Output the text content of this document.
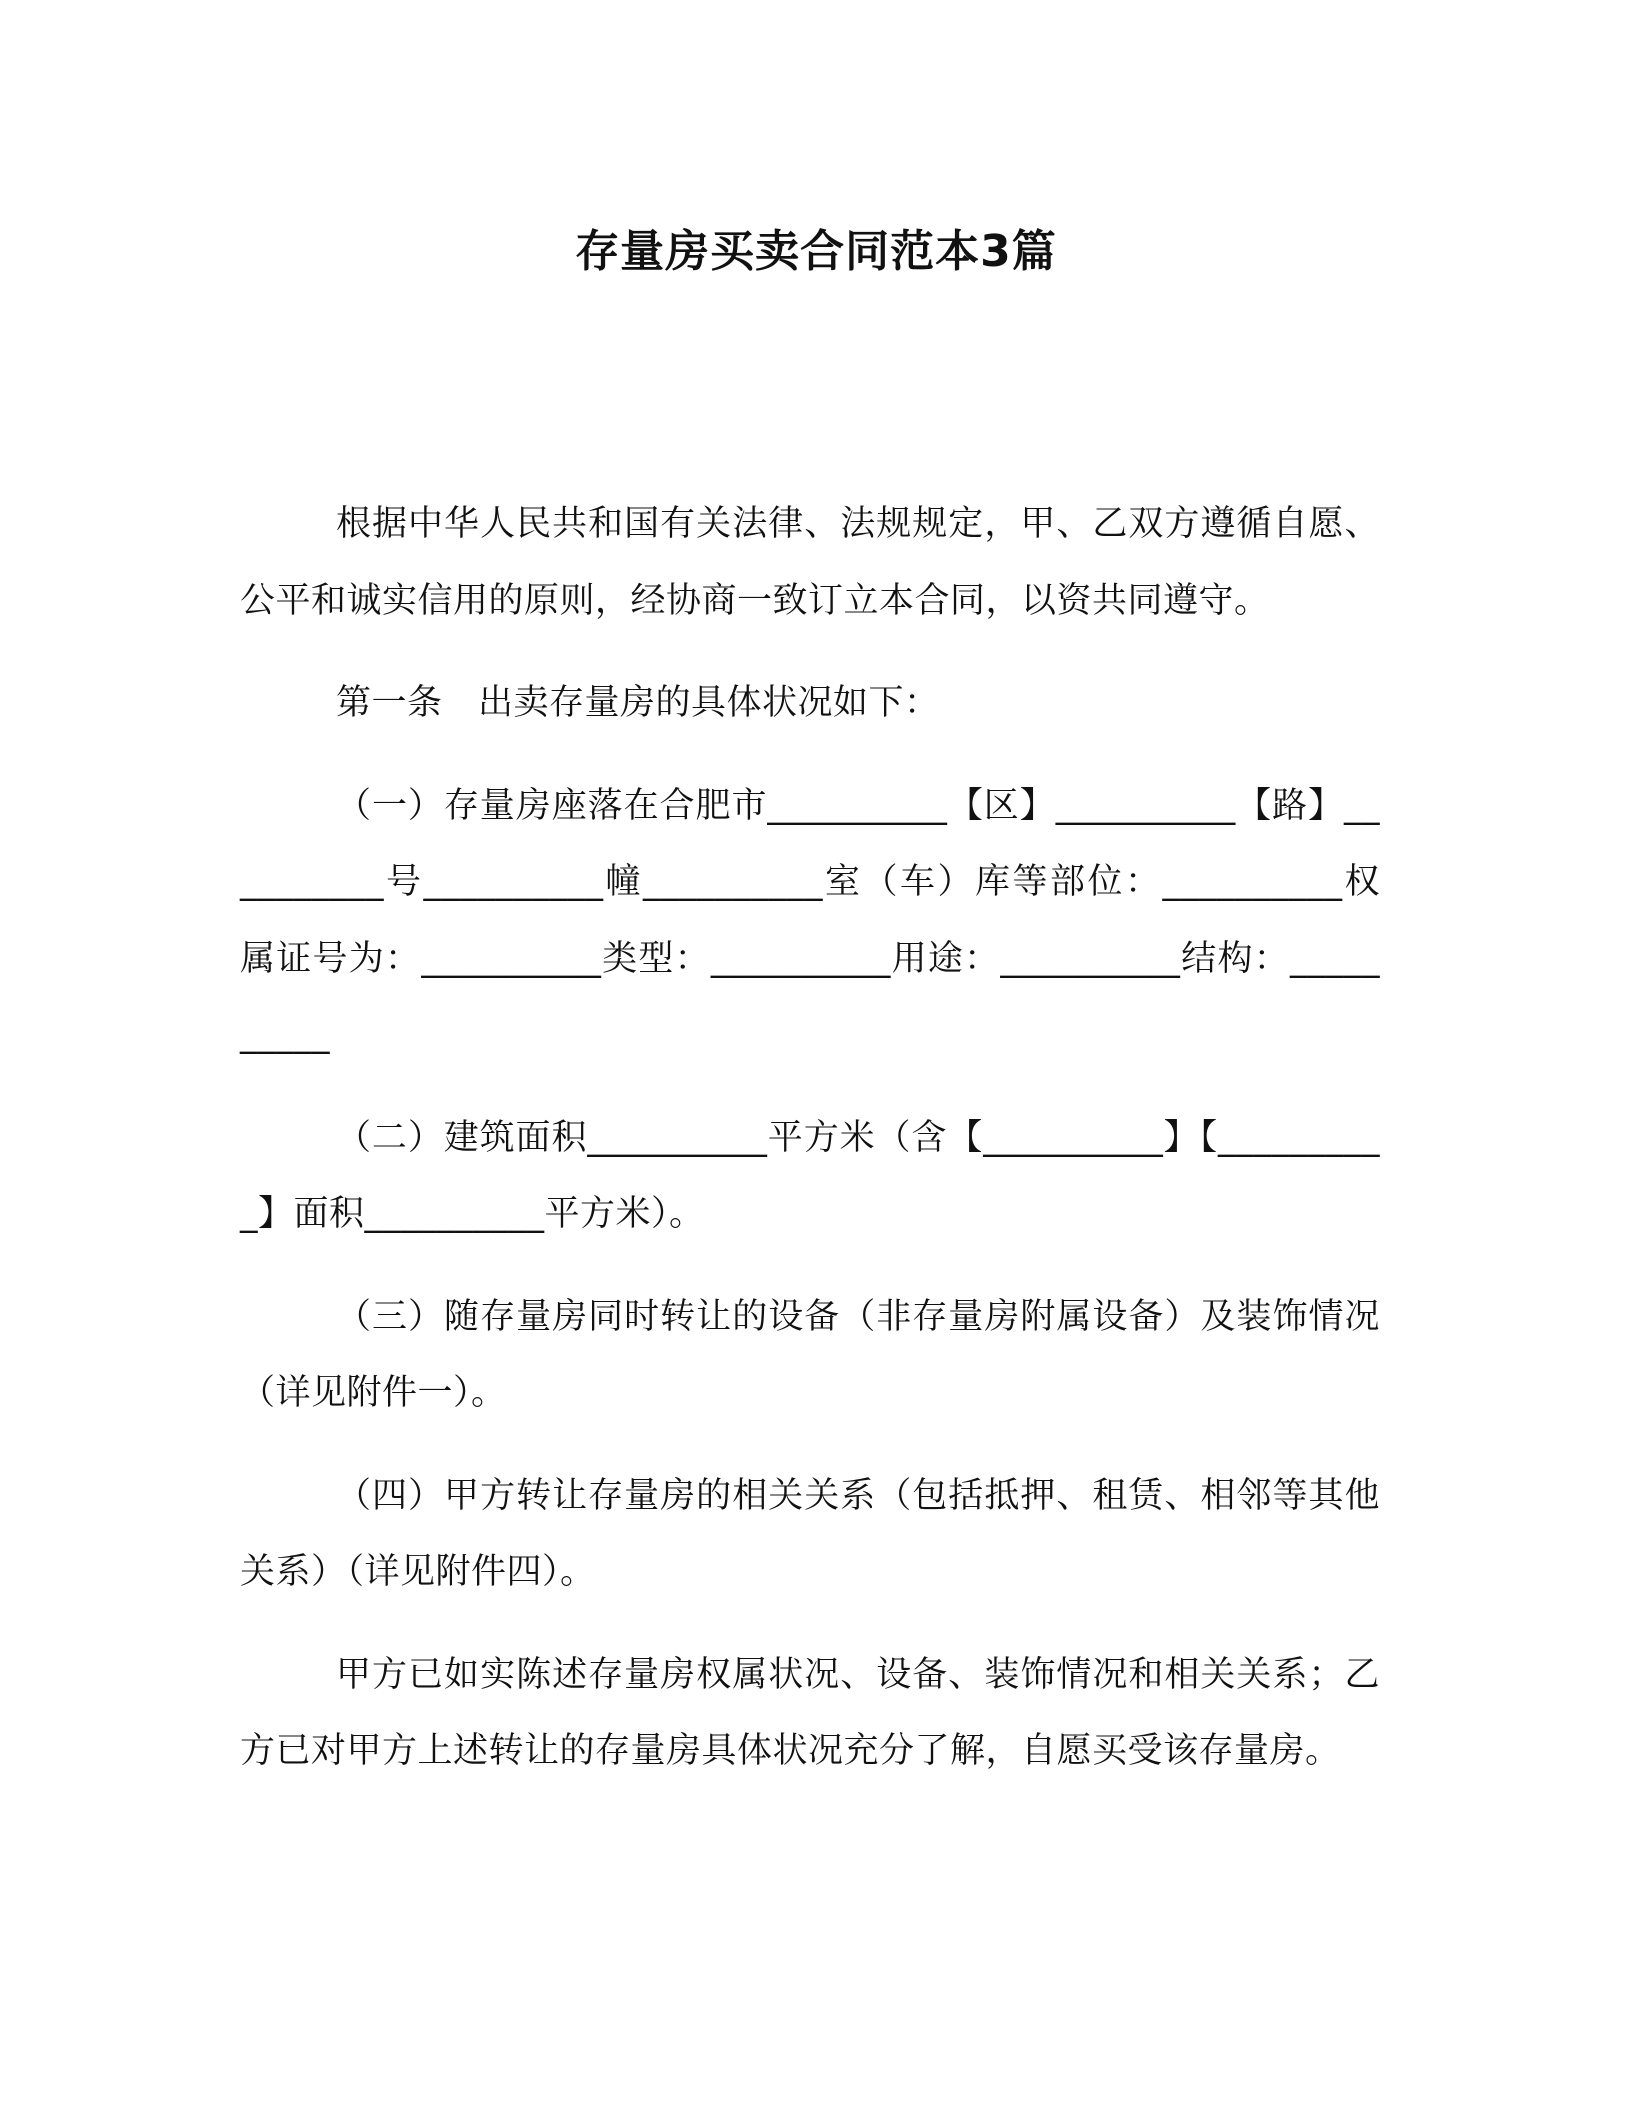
存量房买卖合同范本3篇

根据中华人民共和国有关法律、法规规定，甲、乙双方遵循自愿、公平和诚实信用的原则，经协商一致订立本合同，以资共同遵守。

第一条　出卖存量房的具体状况如下：

（一）存量房座落在合肥市__________【区】__________【路】__________号__________幢__________室（车）库等部位：__________权属证号为：__________类型：__________用途：__________结构：__________

（二）建筑面积__________平方米（含【__________】【__________】面积__________平方米）。

（三）随存量房同时转让的设备（非存量房附属设备）及装饰情况（详见附件一）。

（四）甲方转让存量房的相关关系（包括抵押、租赁、相邻等其他关系）（详见附件四）。

甲方已如实陈述存量房权属状况、设备、装饰情况和相关关系；乙方已对甲方上述转让的存量房具体状况充分了解，自愿买受该存量房。
